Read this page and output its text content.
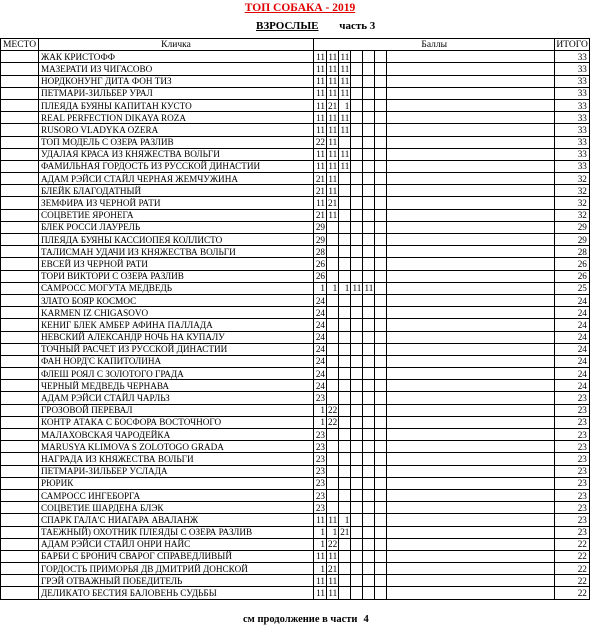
ТОП СОБАКА - 2019
ВЗРОСЛЫЕ часть 3
МЕСТО	Кличка	Баллы							ИТОГО
	ЖАК КРИСТОФФ	11	11	11					33
	МАЗЕРАТИ ИЗ ЧИГАСОВО	11	11	11					33
	НОРДКОНУНГ ДИТА ФОН ТИЗ	11	11	11					33
	ПЕТМАРИ-ЗИЛЬБЕР УРАЛ	11	11	11					33
	ПЛЕЯДА БУЯНЫ КАПИТАН КУСТО	11	21	1					33
	REAL PERFECTION DIKAYA ROZA	11	11	11					33
	RUSORO VLADYKA OZERA	11	11	11					33
	ТОП МОДЕЛЬ С ОЗЕРА РАЗЛИВ	22	11						33
	УДАЛАЯ КРАСА ИЗ КНЯЖЕСТВА ВОЛЬГИ	11	11	11					33
	ФАМИЛЬНАЯ ГОРДОСТЬ ИЗ РУССКОЙ ДИНАСТИИ	11	11	11					33
	АДАМ РЭЙСИ СТАЙЛ ЧЕРНАЯ ЖЕМЧУЖИНА	21	11						32
	БЛЕЙК БЛАГОДАТНЫЙ	21	11						32
	ЗЕМФИРА ИЗ ЧЕРНОЙ РАТИ	11	21						32
	СОЦВЕТИЕ ЯРОНЕГА	21	11						32
	БЛЕК РОССИ ЛАУРЕЛЬ	29							29
	ПЛЕЯДА БУЯНЫ КАССИОПЕЯ КОЛЛИСТО	29							29
	ТАЛИСМАН УДАЧИ ИЗ КНЯЖЕСТВА ВОЛЬГИ	28							28
	ЕВСЕЙ ИЗ ЧЕРНОЙ РАТИ	26							26
	ТОРИ ВИКТОРИ С ОЗЕРА РАЗЛИВ	26							26
	САМРОСС МОГУТА МЕДВЕДЬ	1	1	1	11	11			25
	ЗЛАТО БОЯР КОСМОС	24							24
	KARMEN IZ CHIGASOVO	24							24
	КЕНИГ БЛЕК АМБЕР АФИНА ПАЛЛАДА	24							24
	НЕВСКИЙ АЛЕКСАНДР НОЧЬ НА КУПАЛУ	24							24
	ТОЧНЫЙ РАСЧЕТ ИЗ РУССКОЙ ДИНАСТИИ	24							24
	ФАН НОРД'С КАПИТОЛИНА	24							24
	ФЛЕШ РОЯЛ С ЗОЛОТОГО ГРАДА	24							24
	ЧЕРНЫЙ МЕДВЕДЬ ЧЕРНАВА	24							24
	АДАМ РЭЙСИ СТАЙЛ ЧАРЛЬЗ	23							23
	ГРОЗОВОЙ ПЕРЕВАЛ	1	22						23
	КОНТР АТАКА С БОСФОРА ВОСТОЧНОГО	1	22						23
	МАЛАХОВСКАЯ ЧАРОДЕЙКА	23							23
	MARUSYA KLIMOVA S ZOLOTOGO GRADA	23							23
	НАГРАДА ИЗ КНЯЖЕСТВА ВОЛЬГИ	23							23
	ПЕТМАРИ-ЗИЛЬБЕР УСЛАДА	23							23
	РЮРИК	23							23
	САМРОСС ИНГЕБОРГА	23							23
	СОЦВЕТИЕ ШАРДЕНА БЛЭК	23							23
	СПАРК ГАЛА'С НИАГАРА АВАЛАНЖ	11	11	1					23
	ТАЕЖНЫЙ) ОХОТНИК ПЛЕЯДЫ С ОЗЕРА РАЗЛИВ	1	1	21					23
	АДАМ РЭЙСИ СТАЙЛ ОНРИ НАЙС	1	22						22
	БАРБИ С БРОНИЧ СВАРОГ СПРАВЕДЛИВЫЙ	11	11						22
	ГОРДОСТЬ ПРИМОРЬЯ ДВ ДМИТРИЙ ДОНСКОЙ	1	21						22
	ГРЭЙ ОТВАЖНЫЙ ПОБЕДИТЕЛЬ	11	11						22
	ДЕЛИКАТО БЕСТИЯ БАЛОВЕНЬ СУДЬБЫ	11	11						22
см продолжение в части 4
